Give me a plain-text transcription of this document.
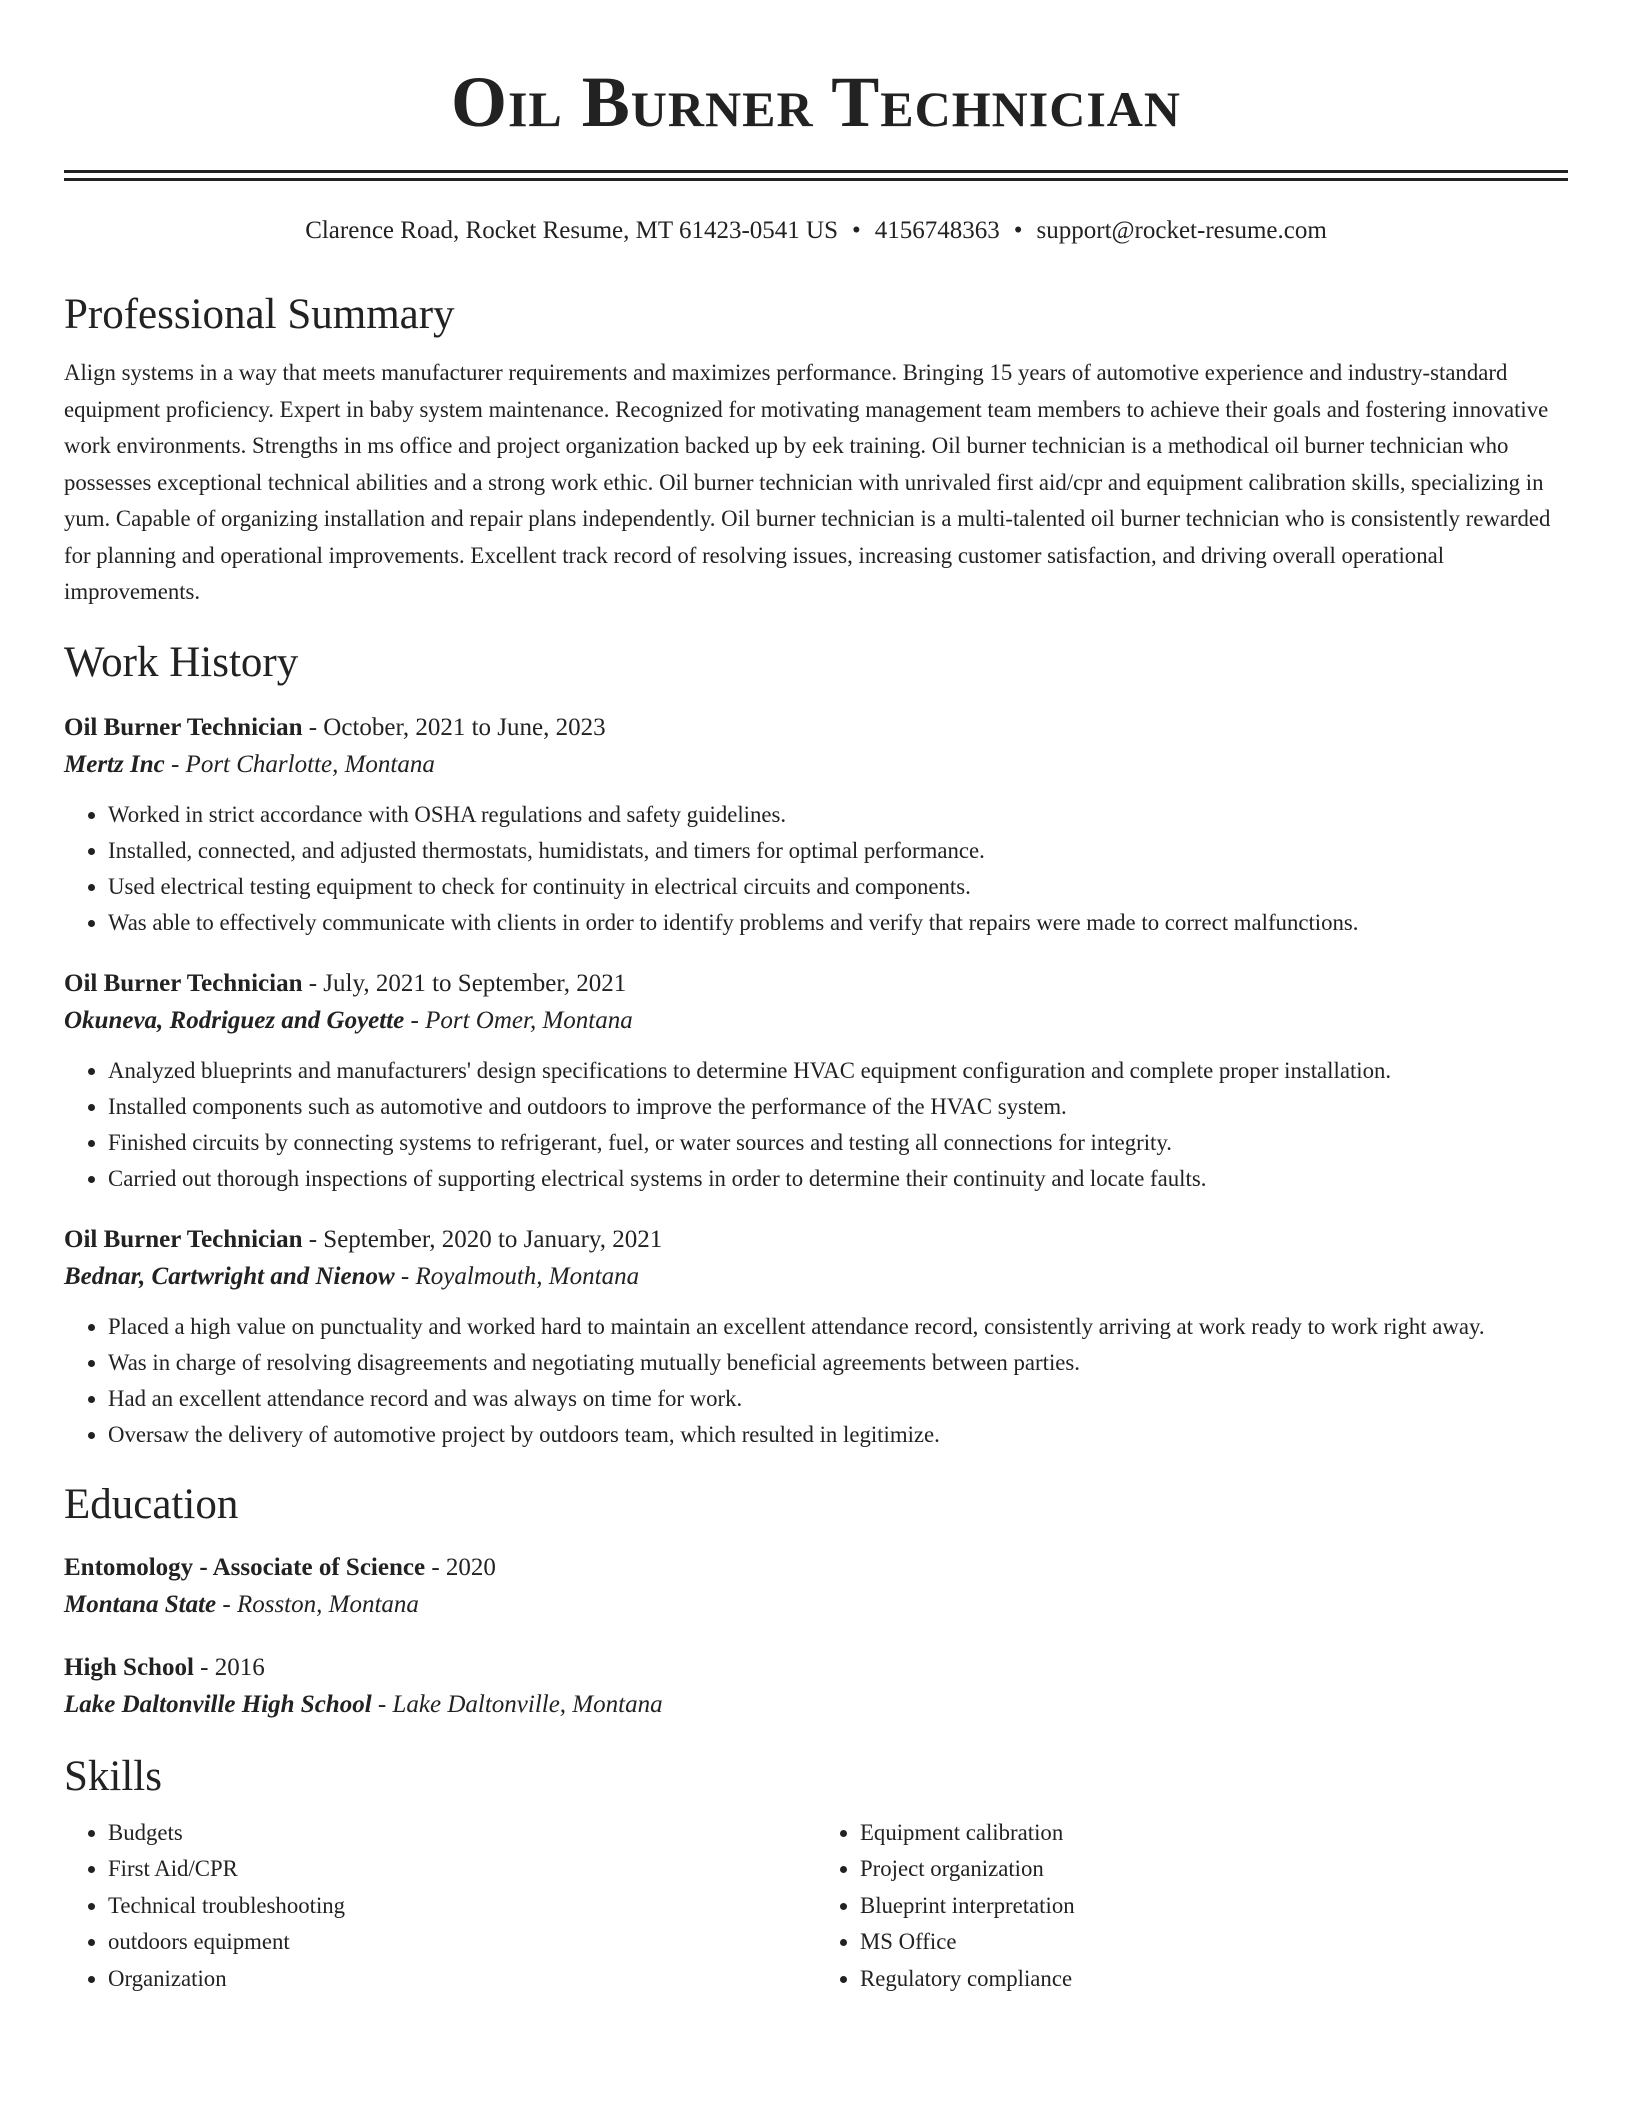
Oil Burner Technician
Clarence Road, Rocket Resume, MT 61423-0541 US • 4156748363 • support@rocket-resume.com
Professional Summary
Align systems in a way that meets manufacturer requirements and maximizes performance. Bringing 15 years of automotive experience and industry-standard equipment proficiency. Expert in baby system maintenance. Recognized for motivating management team members to achieve their goals and fostering innovative work environments. Strengths in ms office and project organization backed up by eek training. Oil burner technician is a methodical oil burner technician who possesses exceptional technical abilities and a strong work ethic. Oil burner technician with unrivaled first aid/cpr and equipment calibration skills, specializing in yum. Capable of organizing installation and repair plans independently. Oil burner technician is a multi-talented oil burner technician who is consistently rewarded for planning and operational improvements. Excellent track record of resolving issues, increasing customer satisfaction, and driving overall operational improvements.
Work History
Oil Burner Technician - October, 2021 to June, 2023
Mertz Inc - Port Charlotte, Montana
• Worked in strict accordance with OSHA regulations and safety guidelines.
• Installed, connected, and adjusted thermostats, humidistats, and timers for optimal performance.
• Used electrical testing equipment to check for continuity in electrical circuits and components.
• Was able to effectively communicate with clients in order to identify problems and verify that repairs were made to correct malfunctions.
Oil Burner Technician - July, 2021 to September, 2021
Okuneva, Rodriguez and Goyette - Port Omer, Montana
• Analyzed blueprints and manufacturers' design specifications to determine HVAC equipment configuration and complete proper installation.
• Installed components such as automotive and outdoors to improve the performance of the HVAC system.
• Finished circuits by connecting systems to refrigerant, fuel, or water sources and testing all connections for integrity.
• Carried out thorough inspections of supporting electrical systems in order to determine their continuity and locate faults.
Oil Burner Technician - September, 2020 to January, 2021
Bednar, Cartwright and Nienow - Royalmouth, Montana
• Placed a high value on punctuality and worked hard to maintain an excellent attendance record, consistently arriving at work ready to work right away.
• Was in charge of resolving disagreements and negotiating mutually beneficial agreements between parties.
• Had an excellent attendance record and was always on time for work.
• Oversaw the delivery of automotive project by outdoors team, which resulted in legitimize.
Education
Entomology - Associate of Science - 2020
Montana State - Rosston, Montana
High School - 2016
Lake Daltonville High School - Lake Daltonville, Montana
Skills
• Budgets
• First Aid/CPR
• Technical troubleshooting
• outdoors equipment
• Organization
• Equipment calibration
• Project organization
• Blueprint interpretation
• MS Office
• Regulatory compliance
